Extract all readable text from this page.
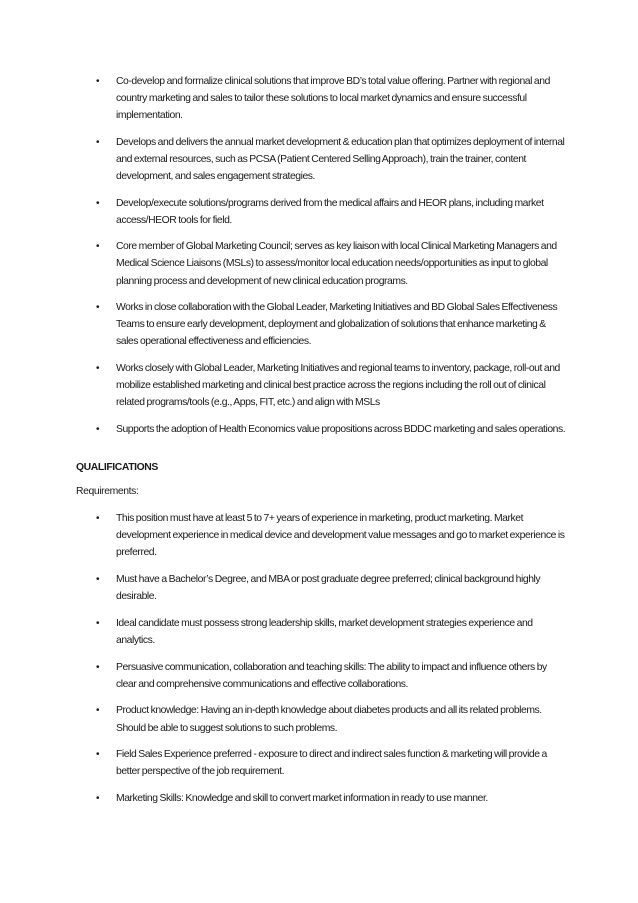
•	Co-develop and formalize clinical solutions that improve BD’s total value offering. Partner with regional and country marketing and sales to tailor these solutions to local market dynamics and ensure successful implementation.
•	Develops and delivers the annual market development & education plan that optimizes deployment of internal and external resources, such as PCSA (Patient Centered Selling Approach), train the trainer, content development, and sales engagement strategies.
•	Develop/execute solutions/programs derived from the medical affairs and HEOR plans, including market access/HEOR tools for field.
•	Core member of Global Marketing Council; serves as key liaison with local Clinical Marketing Managers and Medical Science Liaisons (MSLs) to assess/monitor local education needs/opportunities as input to global planning process and development of new clinical education programs.
•	Works in close collaboration with the Global Leader, Marketing Initiatives and BD Global Sales Effectiveness Teams to ensure early development, deployment and globalization of solutions that enhance marketing & sales operational effectiveness and efficiencies.
•	Works closely with Global Leader, Marketing Initiatives and regional teams to inventory, package, roll-out and mobilize established marketing and clinical best practice across the regions including the roll out of clinical related programs/tools (e.g., Apps, FIT, etc.) and align with MSLs
•	Supports the adoption of Health Economics value propositions across BDDC marketing and sales operations.
QUALIFICATIONS
Requirements:
•	This position must have at least 5 to 7+ years of experience in marketing, product marketing. Market development experience in medical device and development value messages and go to market experience is preferred.
•	Must have a Bachelor’s Degree, and MBA or post graduate degree preferred; clinical background highly desirable.
•	Ideal candidate must possess strong leadership skills, market development strategies experience and analytics.
•	Persuasive communication, collaboration and teaching skills: The ability to impact and influence others by clear and comprehensive communications and effective collaborations.
•	Product knowledge: Having an in-depth knowledge about diabetes products and all its related problems. Should be able to suggest solutions to such problems.
•	Field Sales Experience preferred - exposure to direct and indirect sales function & marketing will provide a better perspective of the job requirement.
•	Marketing Skills: Knowledge and skill to convert market information in ready to use manner.
